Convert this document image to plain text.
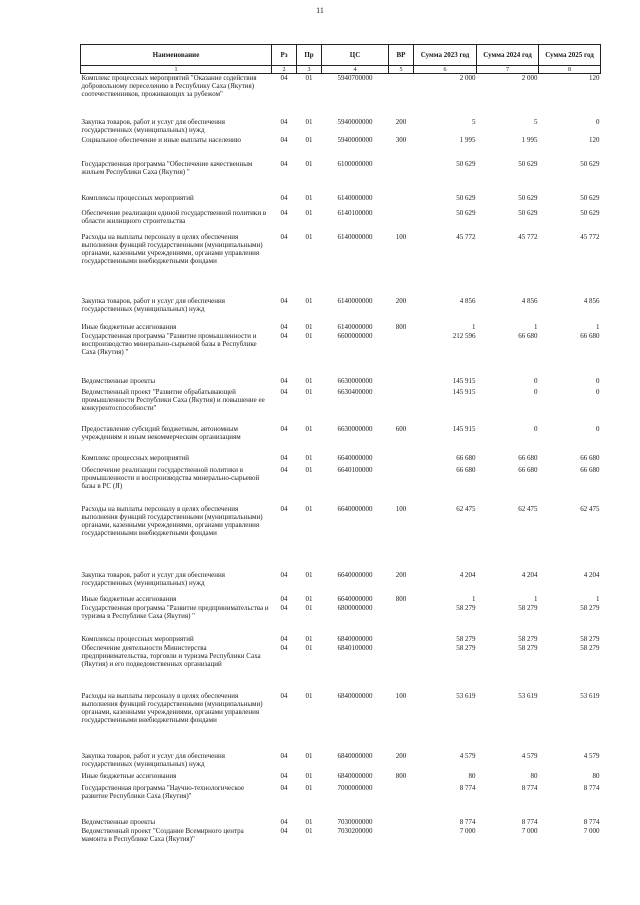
11
Наименование	Рз	Пр	ЦС	ВР	Сумма 2023 год	Сумма 2024 год	Сумма 2025 год
1	2	3	4	5	6	7	8
Комплекс процессных мероприятий "Оказание содействия добровольному переселению в Республику Саха (Якутия) соотечественников, проживающих за рубежом"	04	01	5940700000		2 000	2 000	120
Закупка товаров, работ и услуг для обеспечения государственных (муниципальных) нужд	04	01	5940000000	200	5	5	0
Социальное обеспечение и иные выплаты населению	04	01	5940000000	300	1 995	1 995	120
Государственная программа "Обеспечение качественным жильем Республики Саха (Якутия) "	04	01	6100000000		50 629	50 629	50 629
Комплексы процессных мероприятий	04	01	6140000000		50 629	50 629	50 629
Обеспечение реализации единой государственной политики в области жилищного строительства	04	01	6140100000		50 629	50 629	50 629
Расходы на выплаты персоналу в целях обеспечения выполнения функций государственными (муниципальными) органами, казенными учреждениями, органами управления государственными внебюджетными фондами	04	01	6140000000	100	45 772	45 772	45 772
Закупка товаров, работ и услуг для обеспечения государственных (муниципальных) нужд	04	01	6140000000	200	4 856	4 856	4 856
Иные бюджетные ассигнования	04	01	6140000000	800	1	1	1
Государственная программа "Развитие промышленности и воспроизводство минерально-сырьевой базы в Республике Саха (Якутия) "	04	01	6600000000		212 596	66 680	66 680
Ведомственные проекты	04	01	6630000000		145 915	0	0
Ведомственный проект "Развитие обрабатывающей промышленности Республики Саха (Якутия) и повышение ее конкурентоспособности"	04	01	6630400000		145 915	0	0
Предоставление субсидий бюджетным, автономным учреждениям и иным некоммерческим организациям	04	01	6630000000	600	145 915	0	0
Комплекс процессных мероприятий	04	01	6640000000		66 680	66 680	66 680
Обеспечение реализации государственной политики в промышленности и воспроизводства минерально-сырьевой базы в РС (Я)	04	01	6640100000		66 680	66 680	66 680
Расходы на выплаты персоналу в целях обеспечения выполнения функций государственными (муниципальными) органами, казенными учреждениями, органами управления государственными внебюджетными фондами	04	01	6640000000	100	62 475	62 475	62 475
Закупка товаров, работ и услуг для обеспечения государственных (муниципальных) нужд	04	01	6640000000	200	4 204	4 204	4 204
Иные бюджетные ассигнования	04	01	6640000000	800	1	1	1
Государственная программа "Развитие предпринимательства и туризма в Республике Саха (Якутия) "	04	01	6800000000		58 279	58 279	58 279
Комплексы процессных мероприятий	04	01	6840000000		58 279	58 279	58 279
Обеспечение деятельности Министерства предпринимательства, торговли и туризма Республики Саха (Якутия) и его подведомственных организаций	04	01	6840100000		58 279	58 279	58 279
Расходы на выплаты персоналу в целях обеспечения выполнения функций государственными (муниципальными) органами, казенными учреждениями, органами управления государственными внебюджетными фондами	04	01	6840000000	100	53 619	53 619	53 619
Закупка товаров, работ и услуг для обеспечения государственных (муниципальных) нужд	04	01	6840000000	200	4 579	4 579	4 579
Иные бюджетные ассигнования	04	01	6840000000	800	80	80	80
Государственная программа "Научно-технологическое развитие Республики Саха (Якутия)"	04	01	7000000000		8 774	8 774	8 774
Ведомственные проекты	04	01	7030000000		8 774	8 774	8 774
Ведомственный проект "Создание Всемирного центра мамонта в Республике Саха (Якутия)"	04	01	7030200000		7 000	7 000	7 000
